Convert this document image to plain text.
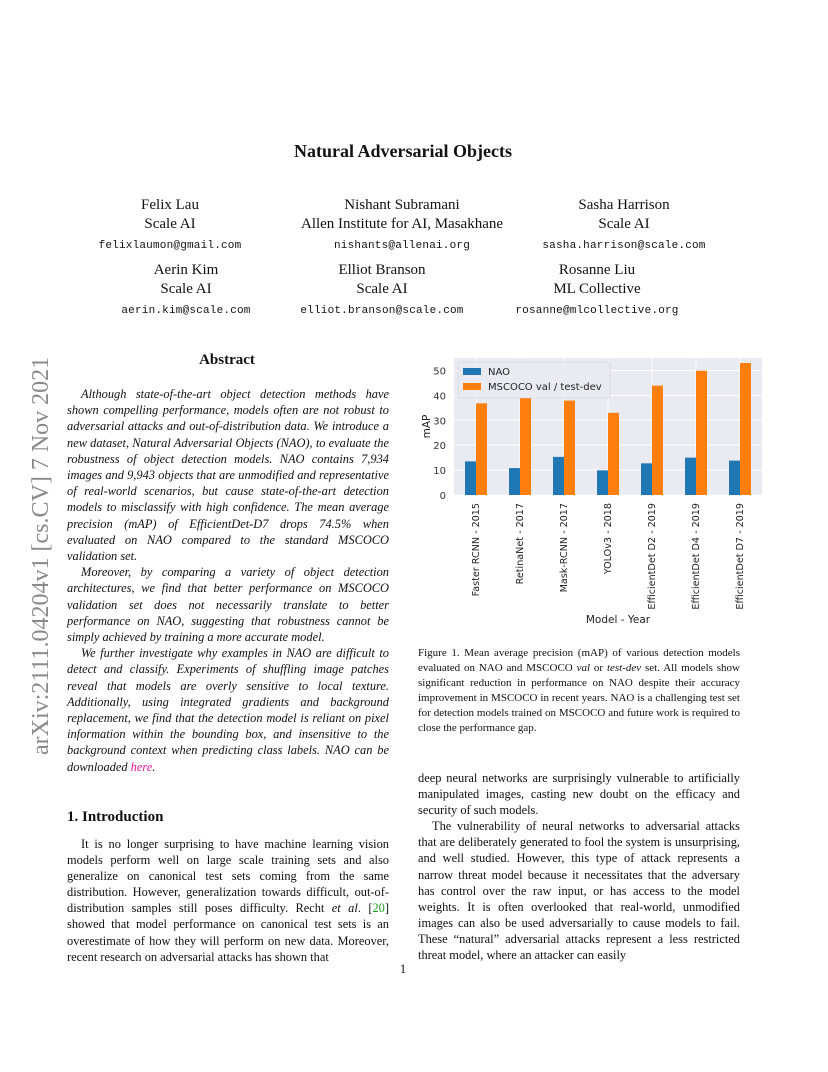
arXiv:2111.04204v1 [cs.CV] 7 Nov 2021
Natural Adversarial Objects
Felix Lau
Scale AI
felixlaumon@gmail.com
Nishant Subramani
Allen Institute for AI, Masakhane
nishants@allenai.org
Sasha Harrison
Scale AI
sasha.harrison@scale.com
Aerin Kim
Scale AI
aerin.kim@scale.com
Elliot Branson
Scale AI
elliot.branson@scale.com
Rosanne Liu
ML Collective
rosanne@mlcollective.org
Abstract

Although state-of-the-art object detection methods have shown compelling performance, models often are not robust to adversarial attacks and out-of-distribution data. We introduce a new dataset, Natural Adversarial Objects (NAO), to evaluate the robustness of object detection models. NAO contains 7,934 images and 9,943 objects that are unmodified and representative of real-world scenarios, but cause state-of-the-art detection models to misclassify with high confidence. The mean average precision (mAP) of EfficientDet-D7 drops 74.5% when evaluated on NAO compared to the standard MSCOCO validation set.

Moreover, by comparing a variety of object detection architectures, we find that better performance on MSCOCO validation set does not necessarily translate to better performance on NAO, suggesting that robustness cannot be simply achieved by training a more accurate model.

We further investigate why examples in NAO are difficult to detect and classify. Experiments of shuffling image patches reveal that models are overly sensitive to local texture. Additionally, using integrated gradients and background replacement, we find that the detection model is reliant on pixel information within the bounding box, and insensitive to the background context when predicting class labels. NAO can be downloaded here.

1. Introduction

It is no longer surprising to have machine learning vision models perform well on large scale training sets and also generalize on canonical test sets coming from the same distribution. However, generalization towards difficult, out-of-distribution samples still poses difficulty. Recht et al. [20] showed that model performance on canonical test sets is an overestimate of how they will perform on new data. Moreover, recent research on adversarial attacks has shown that

0
10
20
30
40
50
Faster RCNN - 2015	RetinaNet - 2017	Mask-RCNN - 2017	YOLOv3 - 2018	EfficientDet D2 - 2019	EfficientDet D4 - 2019	EfficientDet D7 - 2019
Model - Year
mAP
NAO
MSCOCO val / test-dev
Figure 1. Mean average precision (mAP) of various detection models evaluated on NAO and MSCOCO val or test-dev set. All models show significant reduction in performance on NAO despite their accuracy improvement in MSCOCO in recent years. NAO is a challenging test set for detection models trained on MSCOCO and future work is required to close the performance gap.

deep neural networks are surprisingly vulnerable to artificially manipulated images, casting new doubt on the efficacy and security of such models.

The vulnerability of neural networks to adversarial attacks that are deliberately generated to fool the system is unsurprising, and well studied. However, this type of attack represents a narrow threat model because it necessitates that the adversary has control over the raw input, or has access to the model weights. It is often overlooked that real-world, unmodified images can also be used adversarially to cause models to fail. These “natural” adversarial attacks represent a less restricted threat model, where an attacker can easily

1
